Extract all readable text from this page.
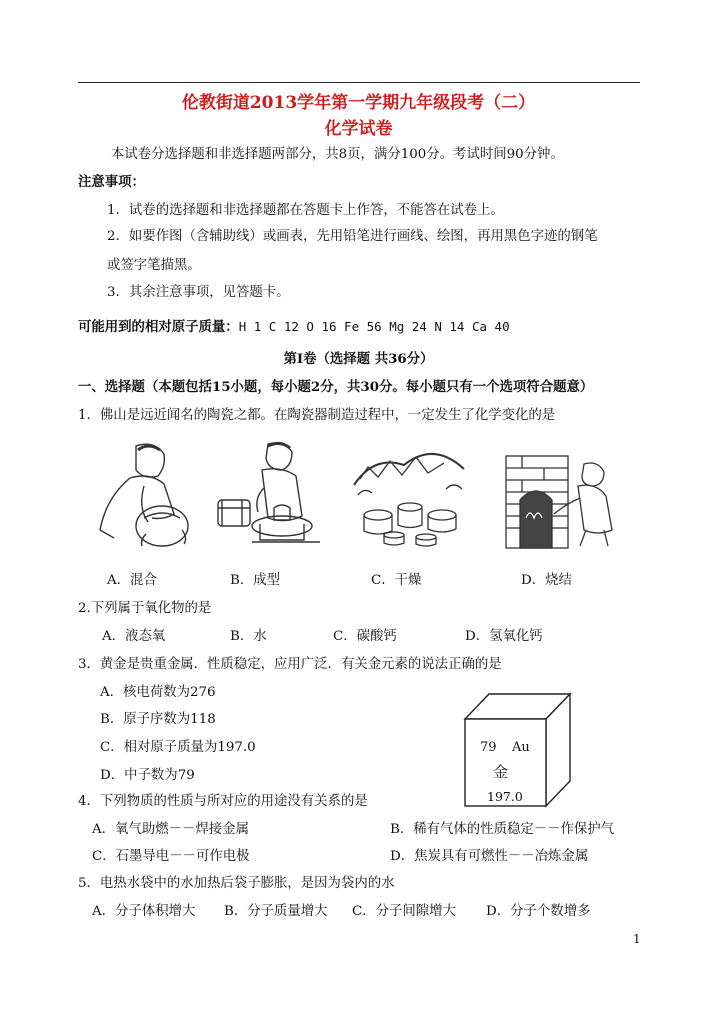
伦教街道2013学年第一学期九年级段考（二）
化学试卷
本试卷分选择题和非选择题两部分，共8页，满分100分。考试时间90分钟。
注意事项：
1．试卷的选择题和非选择题都在答题卡上作答，不能答在试卷上。
2．如要作图（含辅助线）或画表，先用铅笔进行画线、绘图，再用黑色字迹的钢笔
或签字笔描黑。
3．其余注意事项，见答题卡。
可能用到的相对原子质量：H 1 C 12 O 16 Fe 56 Mg 24 N 14 Ca 40
第Ⅰ卷（选择题 共36分）
一、选择题（本题包括15小题，每小题2分，共30分。每小题只有一个选项符合题意）
1．佛山是远近闻名的陶瓷之都。在陶瓷器制造过程中，一定发生了化学变化的是
A．混合	B．成型	C．干燥	D．烧结
2.下列属于氧化物的是
A．液态氧	B．水	C．碳酸钙	D．氢氧化钙
3．黄金是贵重金属．性质稳定，应用广泛．有关金元素的说法正确的是
A．核电荷数为276
B．原子序数为118
C．相对原子质量为197.0
D．中子数为79
79 Au
金
197.0
4．下列物质的性质与所对应的用途没有关系的是
A．氧气助燃－－焊接金属	B．稀有气体的性质稳定－－作保护气
C．石墨导电－－可作电极	D．焦炭具有可燃性－－冶炼金属
5．电热水袋中的水加热后袋子膨胀，是因为袋内的水
A．分子体积增大 B．分子质量增大 C．分子间隙增大 D．分子个数增多
1
